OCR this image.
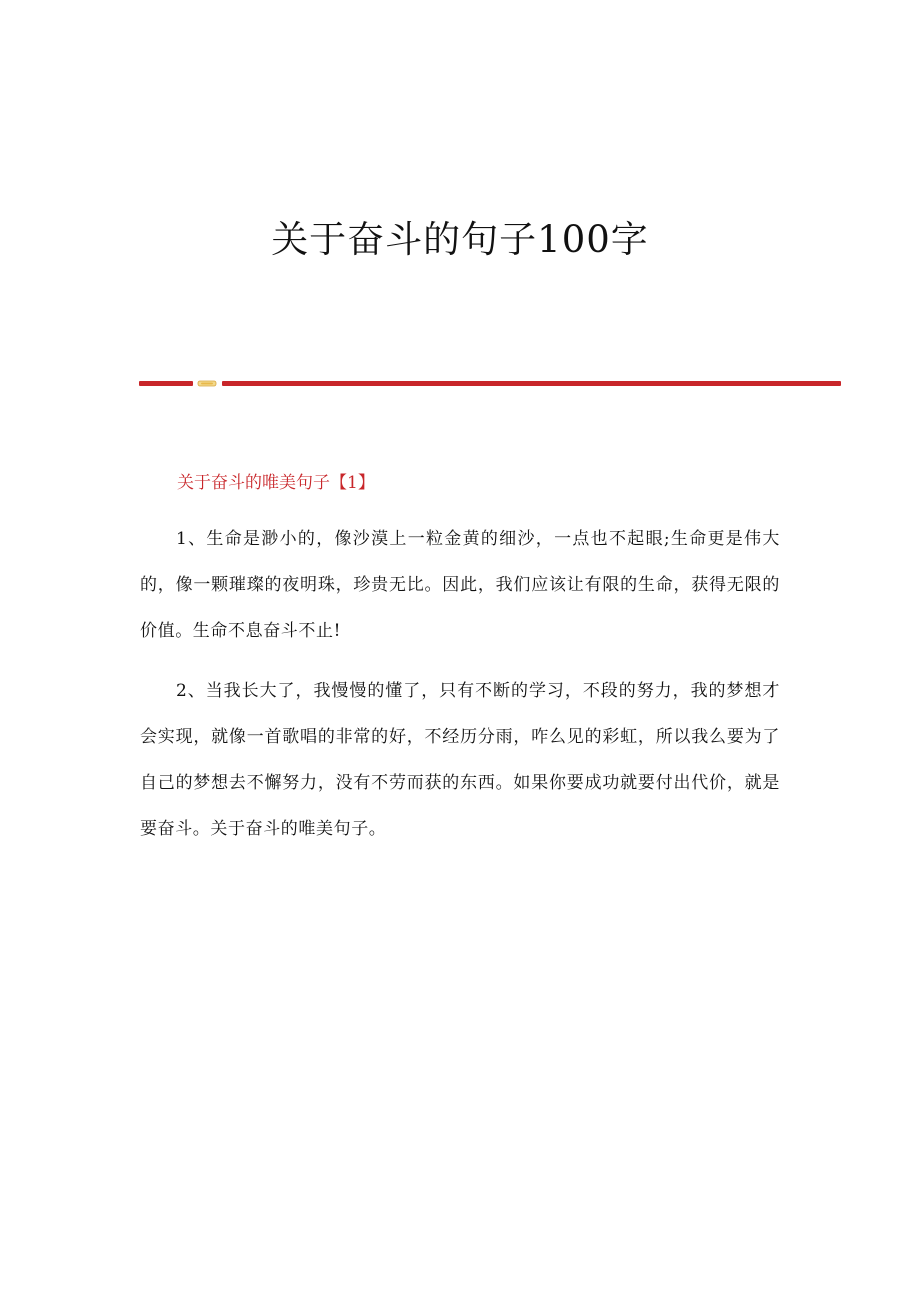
关于奋斗的句子100字
关于奋斗的唯美句子【1】

1、生命是渺小的，像沙漠上一粒金黄的细沙，一点也不起眼;生命更是伟大的，像一颗璀璨的夜明珠，珍贵无比。因此，我们应该让有限的生命，获得无限的价值。生命不息奋斗不止!

2、当我长大了，我慢慢的懂了，只有不断的学习，不段的努力，我的梦想才会实现，就像一首歌唱的非常的好，不经历分雨，咋么见的彩虹，所以我么要为了自己的梦想去不懈努力，没有不劳而获的东西。如果你要成功就要付出代价，就是要奋斗。关于奋斗的唯美句子。
